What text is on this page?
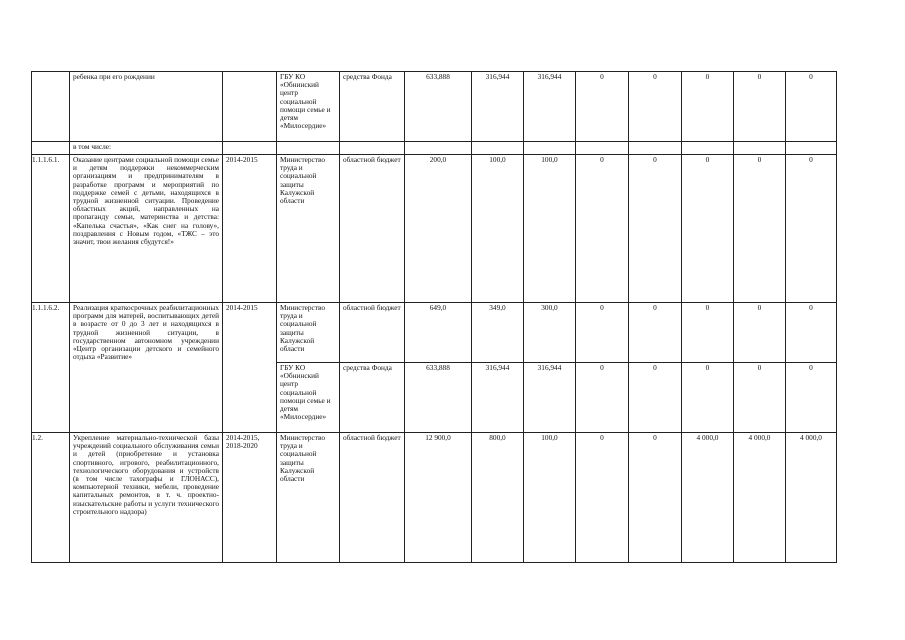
	ребенка при его рождении		ГБУ КО «Обнинский центр социальной помощи семье и детям «Милосердие»	средства Фонда	633,888	316,944	316,944	0	0	0	0	0
	в том числе:											
1.1.1.6.1.	Оказание центрами социальной помощи семье и детям поддержки некоммерческим организациям и предпринимателям в разработке программ и мероприятий по поддержке семей с детьми, находящихся в трудной жизненной ситуации. Проведение областных акций, направленных на пропаганду семьи, материнства и детства: «Капелька счастья», «Как снег на голову», поздравления с Новым годом, «ТЖС – это значит, твои желания сбудутся!»	2014-2015	Министерство труда и социальной защиты Калужской области	областной бюджет	200,0	100,0	100,0	0	0	0	0	0
1.1.1.6.2.	Реализация краткосрочных реабилитационных программ для матерей, воспитывающих детей в возрасте от 0 до 3 лет и находящихся в трудной жизненной ситуации, в государственном автономном учреждении «Центр организации детского и семейного отдыха «Развитие»	2014-2015	Министерство труда и социальной защиты Калужской области	областной бюджет	649,0	349,0	300,0	0	0	0	0	0
			ГБУ КО «Обнинский центр социальной помощи семье и детям «Милосердие»	средства Фонда	633,888	316,944	316,944	0	0	0	0	0
1.2.	Укрепление материально-технической базы учреждений социального обслуживания семьи и детей (приобретение и установка спортивного, игрового, реабилитационного, технологического оборудования и устройств (в том числе тахографы и ГЛОНАСС), компьютерной техники, мебели, проведение капитальных ремонтов, в т. ч. проектно-изыскательские работы и услуги технического строительного надзора)	2014-2015, 2018-2020	Министерство труда и социальной защиты Калужской области	областной бюджет	12 900,0	800,0	100,0	0	0	4 000,0	4 000,0	4 000,0
